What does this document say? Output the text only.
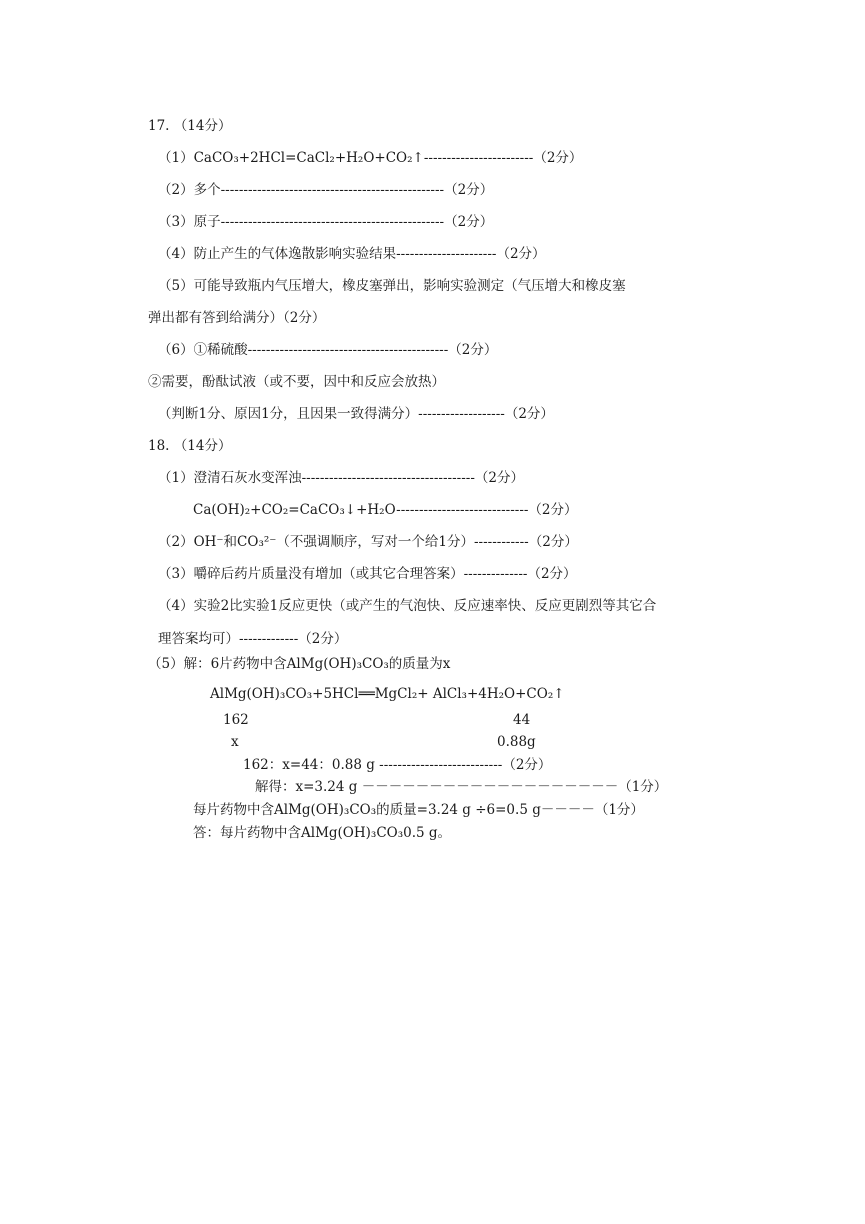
17. （14分）
（1）CaCO₃+2HCl=CaCl₂+H₂O+CO₂↑------------------------（2分）
（2）多个-------------------------------------------------（2分）
（3）原子-------------------------------------------------（2分）
（4）防止产生的气体逸散影响实验结果----------------------（2分）
（5）可能导致瓶内气压增大，橡皮塞弹出，影响实验测定（气压增大和橡皮塞
弹出都有答到给满分）（2分）
（6）①稀硫酸--------------------------------------------（2分）
②需要，酚酞试液（或不要，因中和反应会放热）
（判断1分、原因1分，且因果一致得满分）-------------------（2分）
18. （14分）
（1）澄清石灰水变浑浊--------------------------------------（2分）
Ca(OH)₂+CO₂=CaCO₃↓+H₂O-----------------------------（2分）
（2）OH⁻和CO₃²⁻（不强调顺序，写对一个给1分）------------（2分）
（3）嚼碎后药片质量没有增加（或其它合理答案）--------------（2分）
（4）实验2比实验1反应更快（或产生的气泡快、反应速率快、反应更剧烈等其它合
理答案均可）-------------（2分）
（5）解：6片药物中含AlMg(OH)₃CO₃的质量为x
AlMg(OH)₃CO₃+5HCl══MgCl₂+ AlCl₃+4H₂O+CO₂↑
162	44
x	0.88g
162：x=44：0.88 g ---------------------------（2分）
解得：x=3.24 g －－－－－－－－－－－－－－－－－－－（1分）
每片药物中含AlMg(OH)₃CO₃的质量=3.24 g ÷6=0.5 g－－－－（1分）
答：每片药物中含AlMg(OH)₃CO₃0.5 g。
